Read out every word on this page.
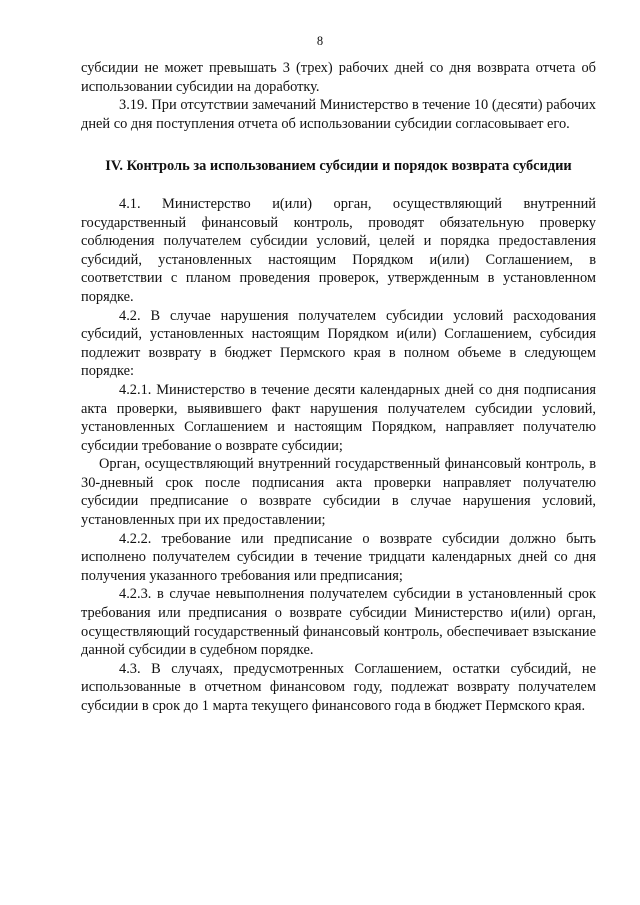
8

субсидии не может превышать 3 (трех) рабочих дней со дня возврата отчета об использовании субсидии на доработку.

3.19. При отсутствии замечаний Министерство в течение 10 (десяти) рабочих дней со дня поступления отчета об использовании субсидии согласовывает его.

IV. Контроль за использованием субсидии и порядок возврата субсидии

4.1. Министерство и(или) орган, осуществляющий внутренний государственный финансовый контроль, проводят обязательную проверку соблюдения получателем субсидии условий, целей и порядка предоставления субсидий, установленных настоящим Порядком и(или) Соглашением, в соответствии с планом проведения проверок, утвержденным в установленном порядке.

4.2. В случае нарушения получателем субсидии условий расходования субсидий, установленных настоящим Порядком и(или) Соглашением, субсидия подлежит возврату в бюджет Пермского края в полном объеме в следующем порядке:

4.2.1. Министерство в течение десяти календарных дней со дня подписания акта проверки, выявившего факт нарушения получателем субсидии условий, установленных Соглашением и настоящим Порядком, направляет получателю субсидии требование о возврате субсидии;

Орган, осуществляющий внутренний государственный финансовый контроль, в 30-дневный срок после подписания акта проверки направляет получателю субсидии предписание о возврате субсидии в случае нарушения условий, установленных при их предоставлении;

4.2.2. требование или предписание о возврате субсидии должно быть исполнено получателем субсидии в течение тридцати календарных дней со дня получения указанного требования или предписания;

4.2.3. в случае невыполнения получателем субсидии в установленный срок требования или предписания о возврате субсидии Министерство и(или) орган, осуществляющий государственный финансовый контроль, обеспечивает взыскание данной субсидии в судебном порядке.

4.3. В случаях, предусмотренных Соглашением, остатки субсидий, не использованные в отчетном финансовом году, подлежат возврату получателем субсидии в срок до 1 марта текущего финансового года в бюджет Пермского края.
